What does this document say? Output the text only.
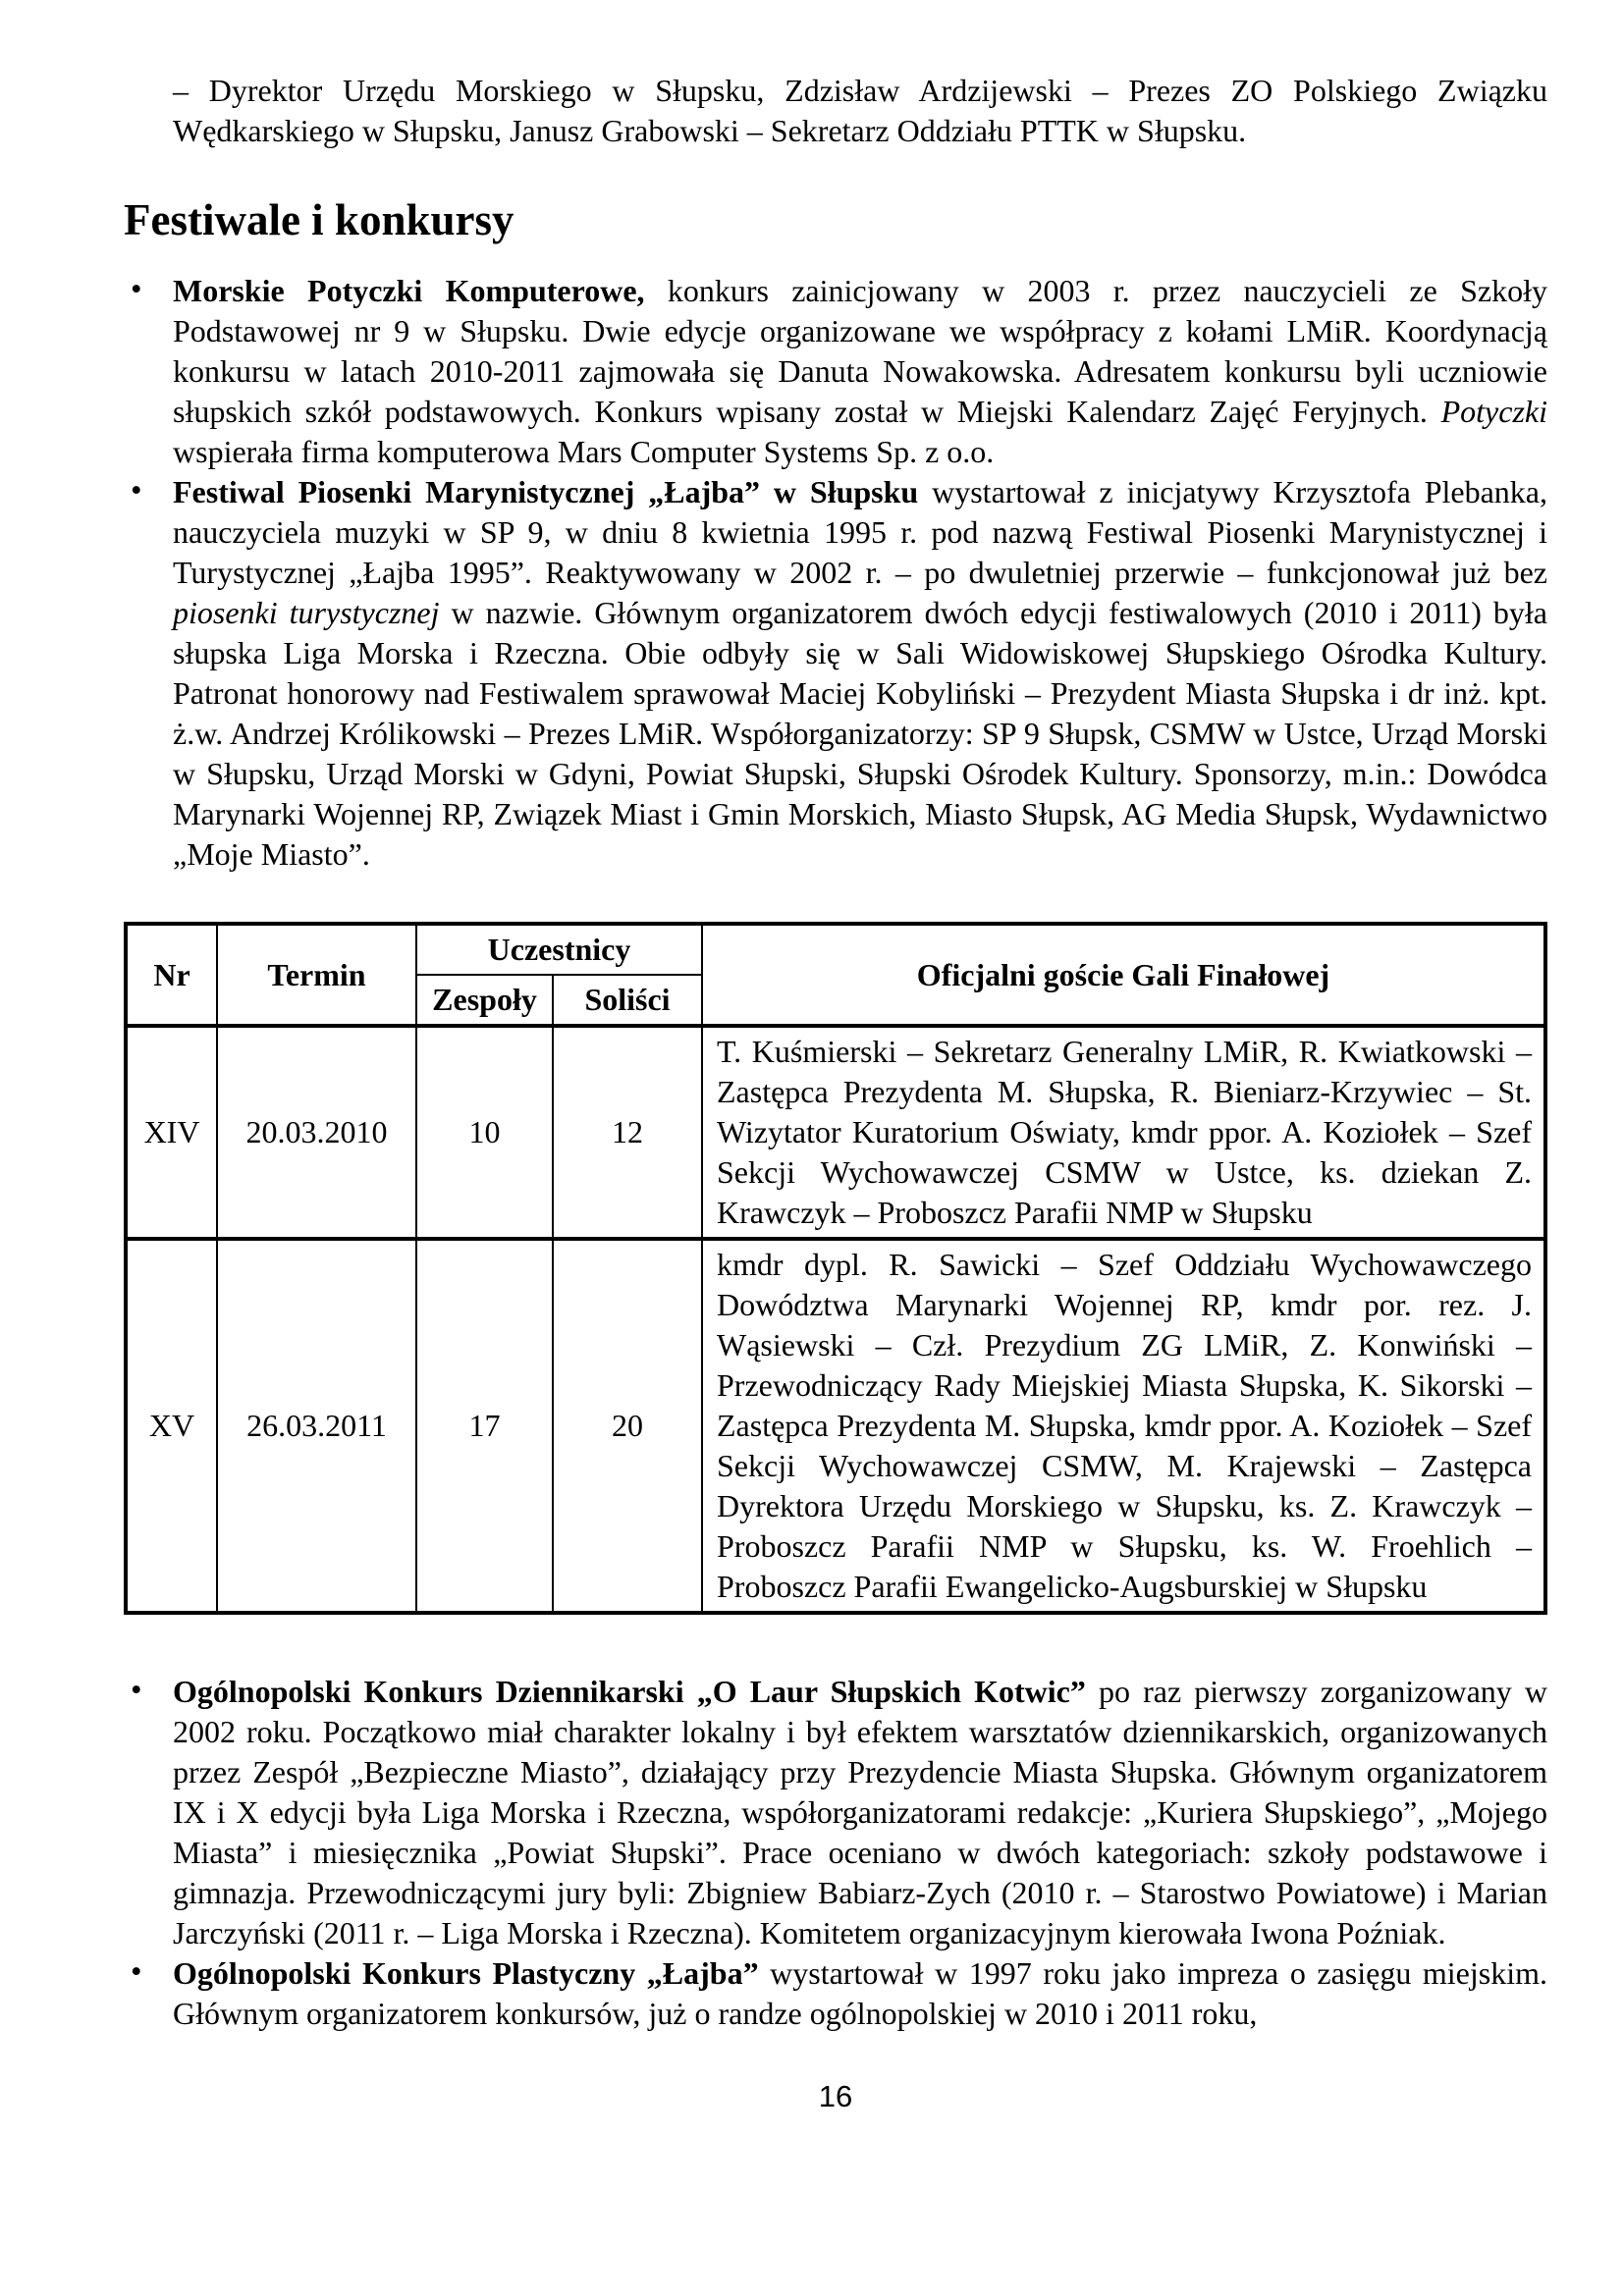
– Dyrektor Urzędu Morskiego w Słupsku, Zdzisław Ardzijewski – Prezes ZO Polskiego Związku Wędkarskiego w Słupsku, Janusz Grabowski – Sekretarz Oddziału PTTK w Słupsku.

Festiwale i konkursy
• Morskie Potyczki Komputerowe, konkurs zainicjowany w 2003 r. przez nauczycieli ze Szkoły Podstawowej nr 9 w Słupsku. Dwie edycje organizowane we współpracy z kołami LMiR. Koordynacją konkursu w latach 2010-2011 zajmowała się Danuta Nowakowska. Adresatem konkursu byli uczniowie słupskich szkół podstawowych. Konkurs wpisany został w Miejski Kalendarz Zajęć Feryjnych. Potyczki wspierała firma komputerowa Mars Computer Systems Sp. z o.o.
• Festiwal Piosenki Marynistycznej „Łajba” w Słupsku wystartował z inicjatywy Krzysztofa Plebanka, nauczyciela muzyki w SP 9, w dniu 8 kwietnia 1995 r. pod nazwą Festiwal Piosenki Marynistycznej i Turystycznej „Łajba 1995”. Reaktywowany w 2002 r. – po dwuletniej przerwie – funkcjonował już bez piosenki turystycznej w nazwie. Głównym organizatorem dwóch edycji festiwalowych (2010 i 2011) była słupska Liga Morska i Rzeczna. Obie odbyły się w Sali Widowiskowej Słupskiego Ośrodka Kultury. Patronat honorowy nad Festiwalem sprawował Maciej Kobyliński – Prezydent Miasta Słupska i dr inż. kpt. ż.w. Andrzej Królikowski – Prezes LMiR. Współorganizatorzy: SP 9 Słupsk, CSMW w Ustce, Urząd Morski w Słupsku, Urząd Morski w Gdyni, Powiat Słupski, Słupski Ośrodek Kultury. Sponsorzy, m.in.: Dowódca Marynarki Wojennej RP, Związek Miast i Gmin Morskich, Miasto Słupsk, AG Media Słupsk, Wydawnictwo „Moje Miasto”.
Nr	Termin	Uczestnicy		Oficjalni goście Gali Finałowej
		Zespoły	Soliści	
XIV	20.03.2010	10	12	T. Kuśmierski – Sekretarz Generalny LMiR, R. Kwiatkowski – Zastępca Prezydenta M. Słupska, R. Bieniarz-Krzywiec – St. Wizytator Kuratorium Oświaty, kmdr ppor. A. Koziołek – Szef Sekcji Wychowawczej CSMW w Ustce, ks. dziekan Z. Krawczyk – Proboszcz Parafii NMP w Słupsku
XV	26.03.2011	17	20	kmdr dypl. R. Sawicki – Szef Oddziału Wychowawczego Dowództwa Marynarki Wojennej RP, kmdr por. rez. J. Wąsiewski – Czł. Prezydium ZG LMiR, Z. Konwiński – Przewodniczący Rady Miejskiej Miasta Słupska, K. Sikorski – Zastępca Prezydenta M. Słupska, kmdr ppor. A. Koziołek – Szef Sekcji Wychowawczej CSMW, M. Krajewski – Zastępca Dyrektora Urzędu Morskiego w Słupsku, ks. Z. Krawczyk – Proboszcz Parafii NMP w Słupsku, ks. W. Froehlich – Proboszcz Parafii Ewangelicko-Augsburskiej w Słupsku
• Ogólnopolski Konkurs Dziennikarski „O Laur Słupskich Kotwic” po raz pierwszy zorganizowany w 2002 roku. Początkowo miał charakter lokalny i był efektem warsztatów dziennikarskich, organizowanych przez Zespół „Bezpieczne Miasto”, działający przy Prezydencie Miasta Słupska. Głównym organizatorem IX i X edycji była Liga Morska i Rzeczna, współorganizatorami redakcje: „Kuriera Słupskiego”, „Mojego Miasta” i miesięcznika „Powiat Słupski”. Prace oceniano w dwóch kategoriach: szkoły podstawowe i gimnazja. Przewodniczącymi jury byli: Zbigniew Babiarz-Zych (2010 r. – Starostwo Powiatowe) i Marian Jarczyński (2011 r. – Liga Morska i Rzeczna). Komitetem organizacyjnym kierowała Iwona Poźniak.
• Ogólnopolski Konkurs Plastyczny „Łajba” wystartował w 1997 roku jako impreza o zasięgu miejskim. Głównym organizatorem konkursów, już o randze ogólnopolskiej w 2010 i 2011 roku,
16
